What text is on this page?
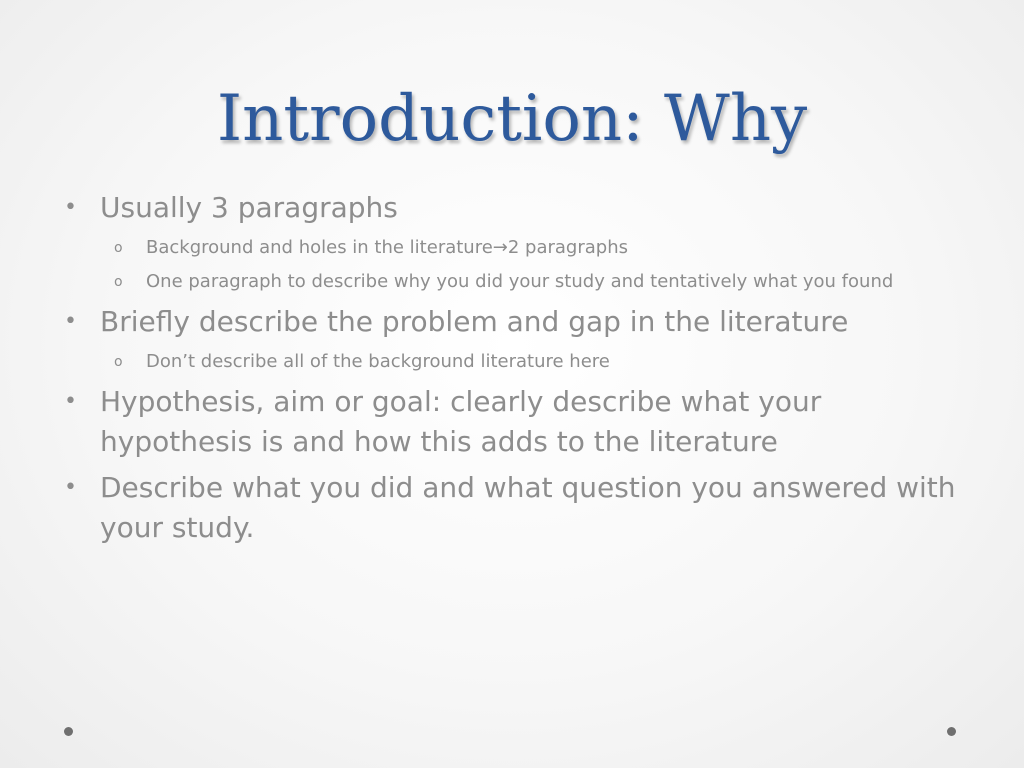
Introduction: Why
• Usually 3 paragraphs
o Background and holes in the literature→2 paragraphs
o One paragraph to describe why you did your study and tentatively what you found
• Briefly describe the problem and gap in the literature
o Don’t describe all of the background literature here
• Hypothesis, aim or goal: clearly describe what your hypothesis is and how this adds to the literature
• Describe what you did and what question you answered with your study.
